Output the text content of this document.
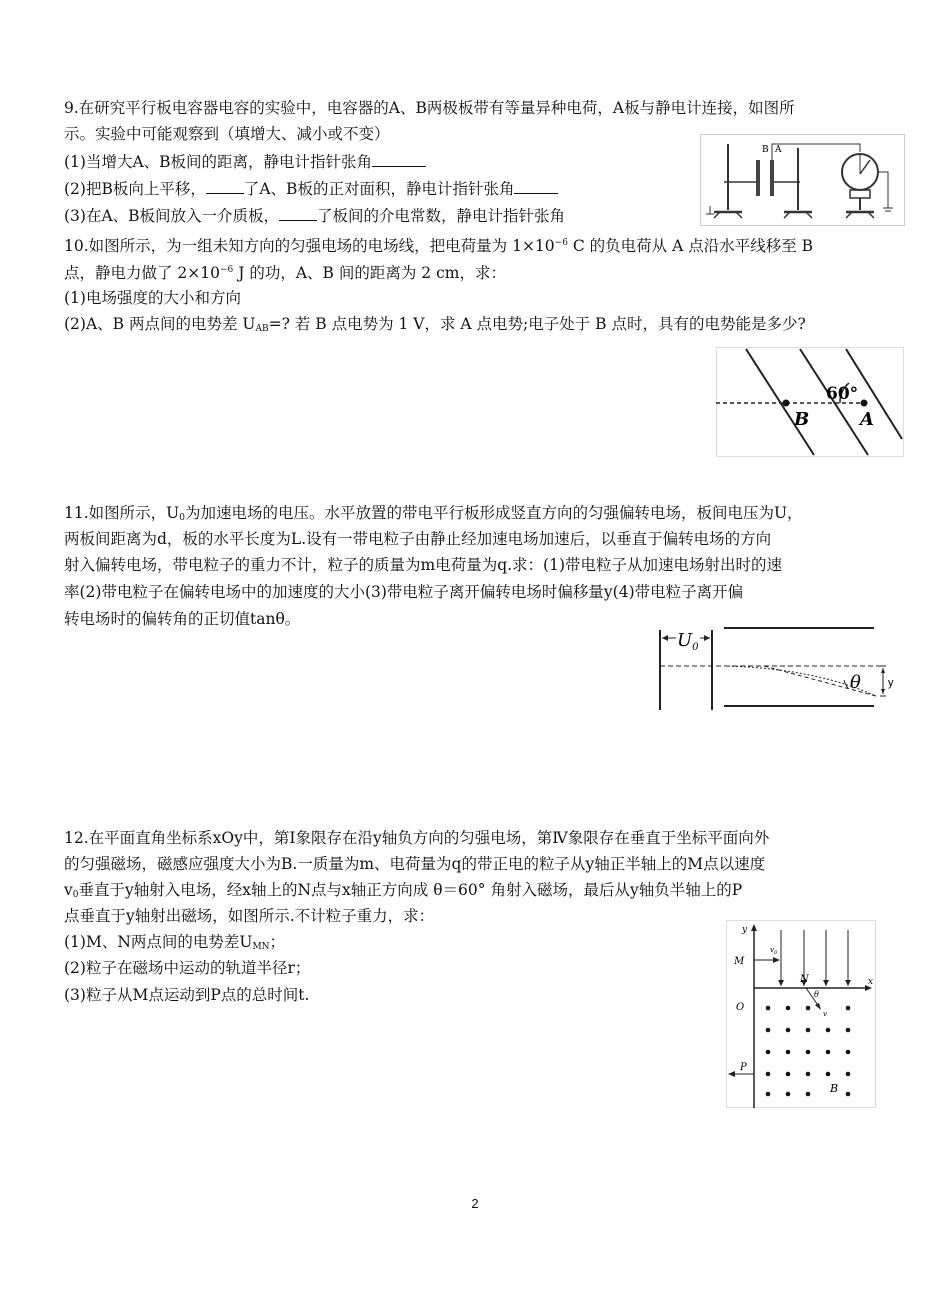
9.在研究平行板电容器电容的实验中，电容器的A、B两极板带有等量异种电荷，A板与静电计连接，如图所
示。实验中可能观察到（填增大、减小或不变）
(1)当增大A、B板间的距离，静电计指针张角
(2)把B板向上平移， 了A、B板的正对面积，静电计指针张角
(3)在A、B板间放入一介质板， 了板间的介电常数，静电计指针张角
B A
10.如图所示，为一组未知方向的匀强电场的电场线，把电荷量为 $1\times 10^{-6}$ C 的负电荷从 A 点沿水平线移至 B
点，静电力做了 $2\times 10^{-6}$ J 的功，A、B 间的距离为 2 cm，求：
(1)电场强度的大小和方向
(2)A、B 两点间的电势差 $U_{AB}=$? 若 B 点电势为 1 V，求 A 点电势;电子处于 B 点时，具有的电势能是多少?
60°
B	A
11.如图所示，$U_0$为加速电场的电压。水平放置的带电平行板形成竖直方向的匀强偏转电场，板间电压为U，
两板间距离为d，板的水平长度为L.设有一带电粒子由静止经加速电场加速后，以垂直于偏转电场的方向
射入偏转电场，带电粒子的重力不计，粒子的质量为m电荷量为q.求：(1)带电粒子从加速电场射出时的速
率(2)带电粒子在偏转电场中的加速度的大小(3)带电粒子离开偏转电场时偏移量y(4)带电粒子离开偏
转电场时的偏转角的正切值tanθ。
$U_0$
θ y
12.在平面直角坐标系xOy中，第Ⅰ象限存在沿y轴负方向的匀强电场，第Ⅳ象限存在垂直于坐标平面向外
的匀强磁场，磁感应强度大小为B.一质量为m、电荷量为q的带正电的粒子从y轴正半轴上的M点以速度
$v_0$垂直于y轴射入电场，经x轴上的N点与x轴正方向成 θ＝60° 角射入磁场，最后从y轴负半轴上的P
点垂直于y轴射出磁场，如图所示.不计粒子重力，求：
(1)M、N两点间的电势差$U_{MN}$；
(2)粒子在磁场中运动的轨道半径r；
(3)粒子从M点运动到P点的总时间t.
y
x
O
M
$v_0$
N
θ
v
P
B
2
